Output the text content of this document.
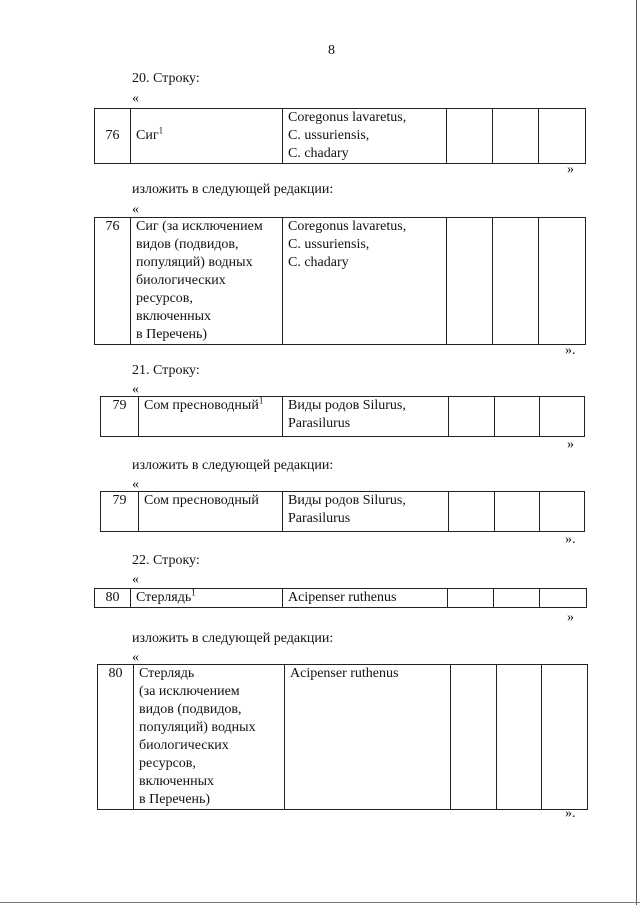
8
20. Строку:
«
76	Сиг$^1$	Coregonus lavaretus,
C. ussuriensis,
C. chadary			
»
изложить в следующей редакции:
«
76	Сиг (за исключением
видов (подвидов,
популяций) водных
биологических
ресурсов,
включенных
в Перечень)	Coregonus lavaretus,
C. ussuriensis,
C. chadary			
».
21. Строку:
«
79	Сом пресноводный$^1$	Виды родов Silurus,
Parasilurus			
»
изложить в следующей редакции:
«
79	Сом пресноводный	Виды родов Silurus,
Parasilurus			
».
22. Строку:
«
80	Стерлядь$^1$	Acipenser ruthenus			
»
изложить в следующей редакции:
«
80	Стерлядь
(за исключением
видов (подвидов,
популяций) водных
биологических
ресурсов,
включенных
в Перечень)	Acipenser ruthenus			
».
